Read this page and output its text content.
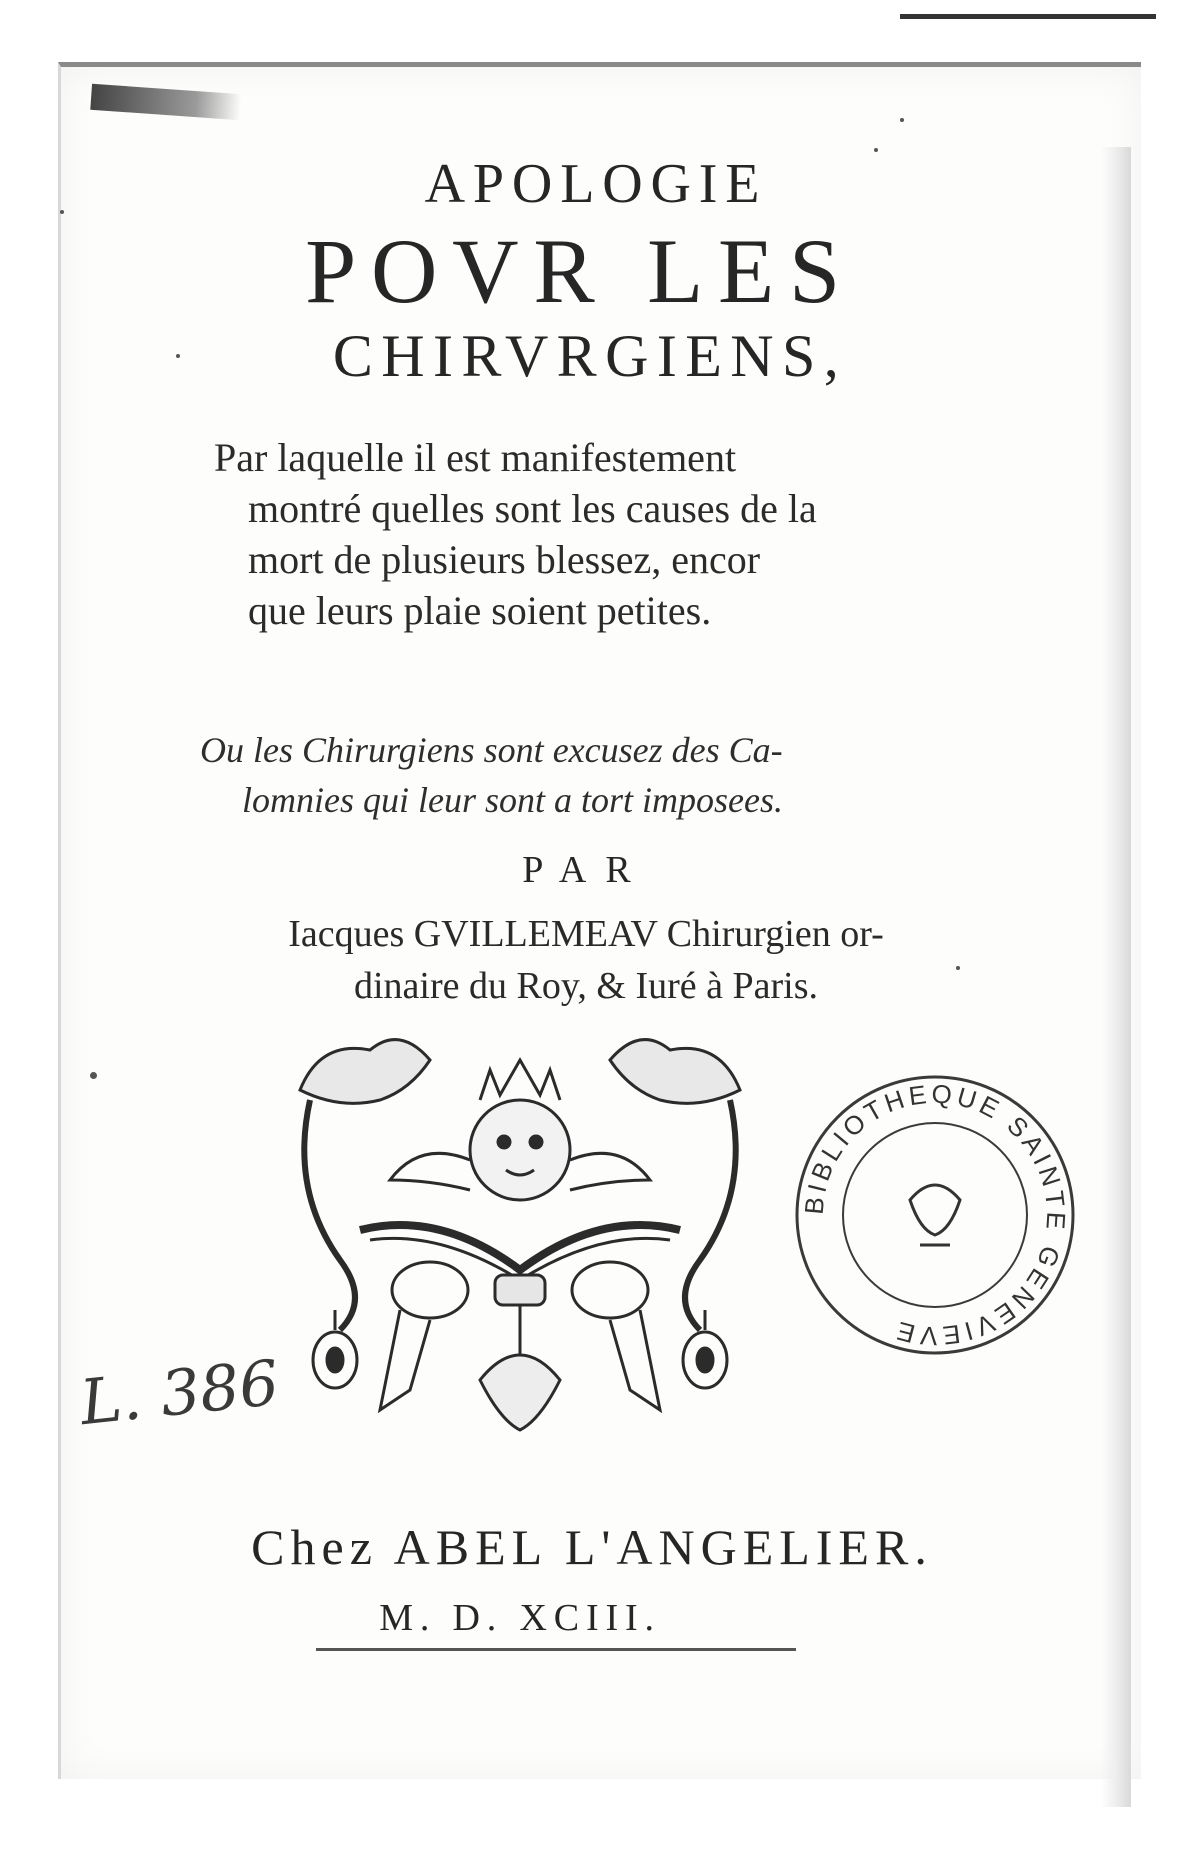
APOLOGIE
POVR LES
CHIRVRGIENS,
Par laquelle il est manifestement
montré quelles sont les causes de la
mort de plusieurs blessez, encor
que leurs plaie soient petites.
Ou les Chirurgiens sont excusez des Ca-
lomnies qui leur sont a tort imposees.
PAR
Iacques GVILLEMEAV Chirurgien or-
dinaire du Roy, & Iuré à Paris.
BIBLIOTHEQUE SAINTE GENEVIEVE
L. 386
Chez ABEL L'ANGELIER.
M. D. XCIII.
